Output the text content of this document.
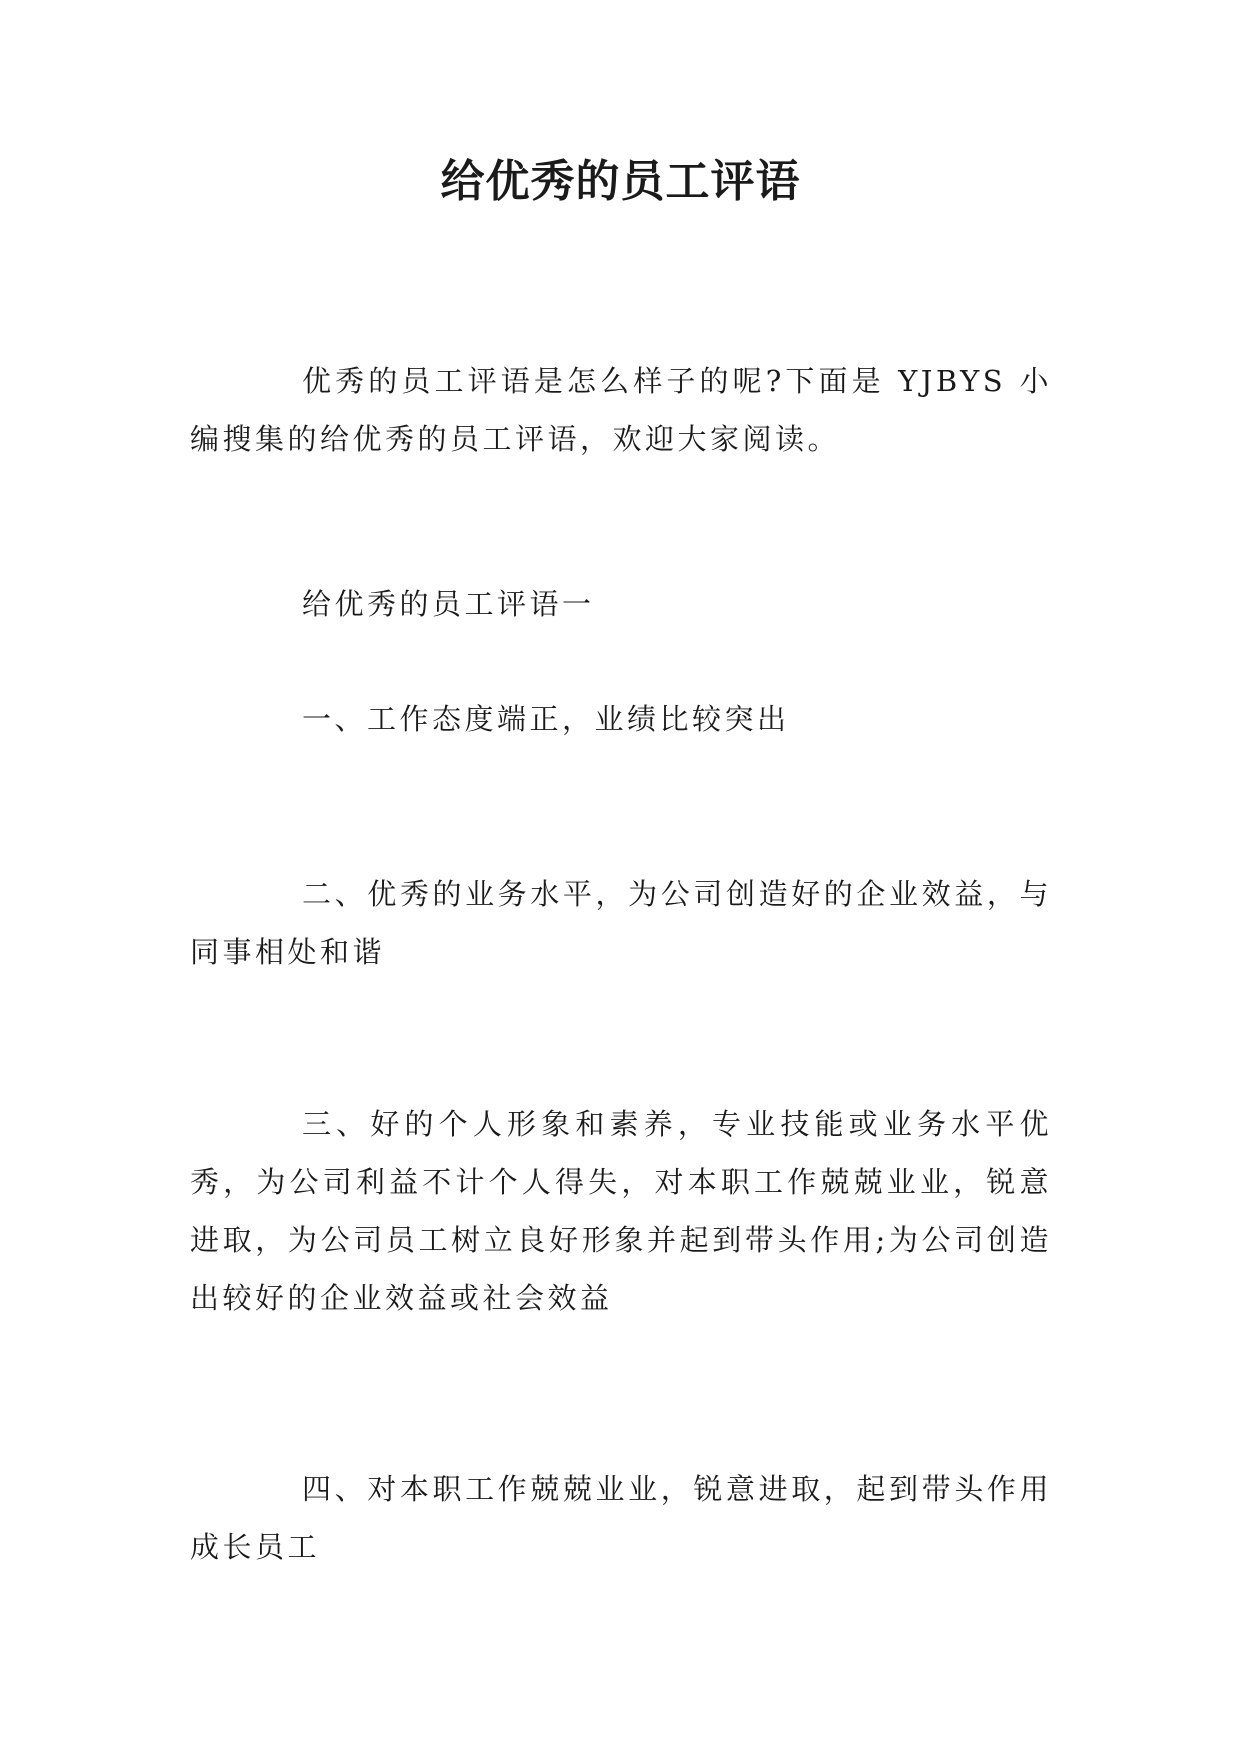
给优秀的员工评语

优秀的员工评语是怎么样子的呢?下面是 YJBYS 小编搜集的给优秀的员工评语，欢迎大家阅读。

给优秀的员工评语一

一、工作态度端正，业绩比较突出

二、优秀的业务水平，为公司创造好的企业效益，与同事相处和谐

三、好的个人形象和素养，专业技能或业务水平优秀，为公司利益不计个人得失，对本职工作兢兢业业，锐意进取，为公司员工树立良好形象并起到带头作用;为公司创造出较好的企业效益或社会效益

四、对本职工作兢兢业业，锐意进取，起到带头作用成长员工
